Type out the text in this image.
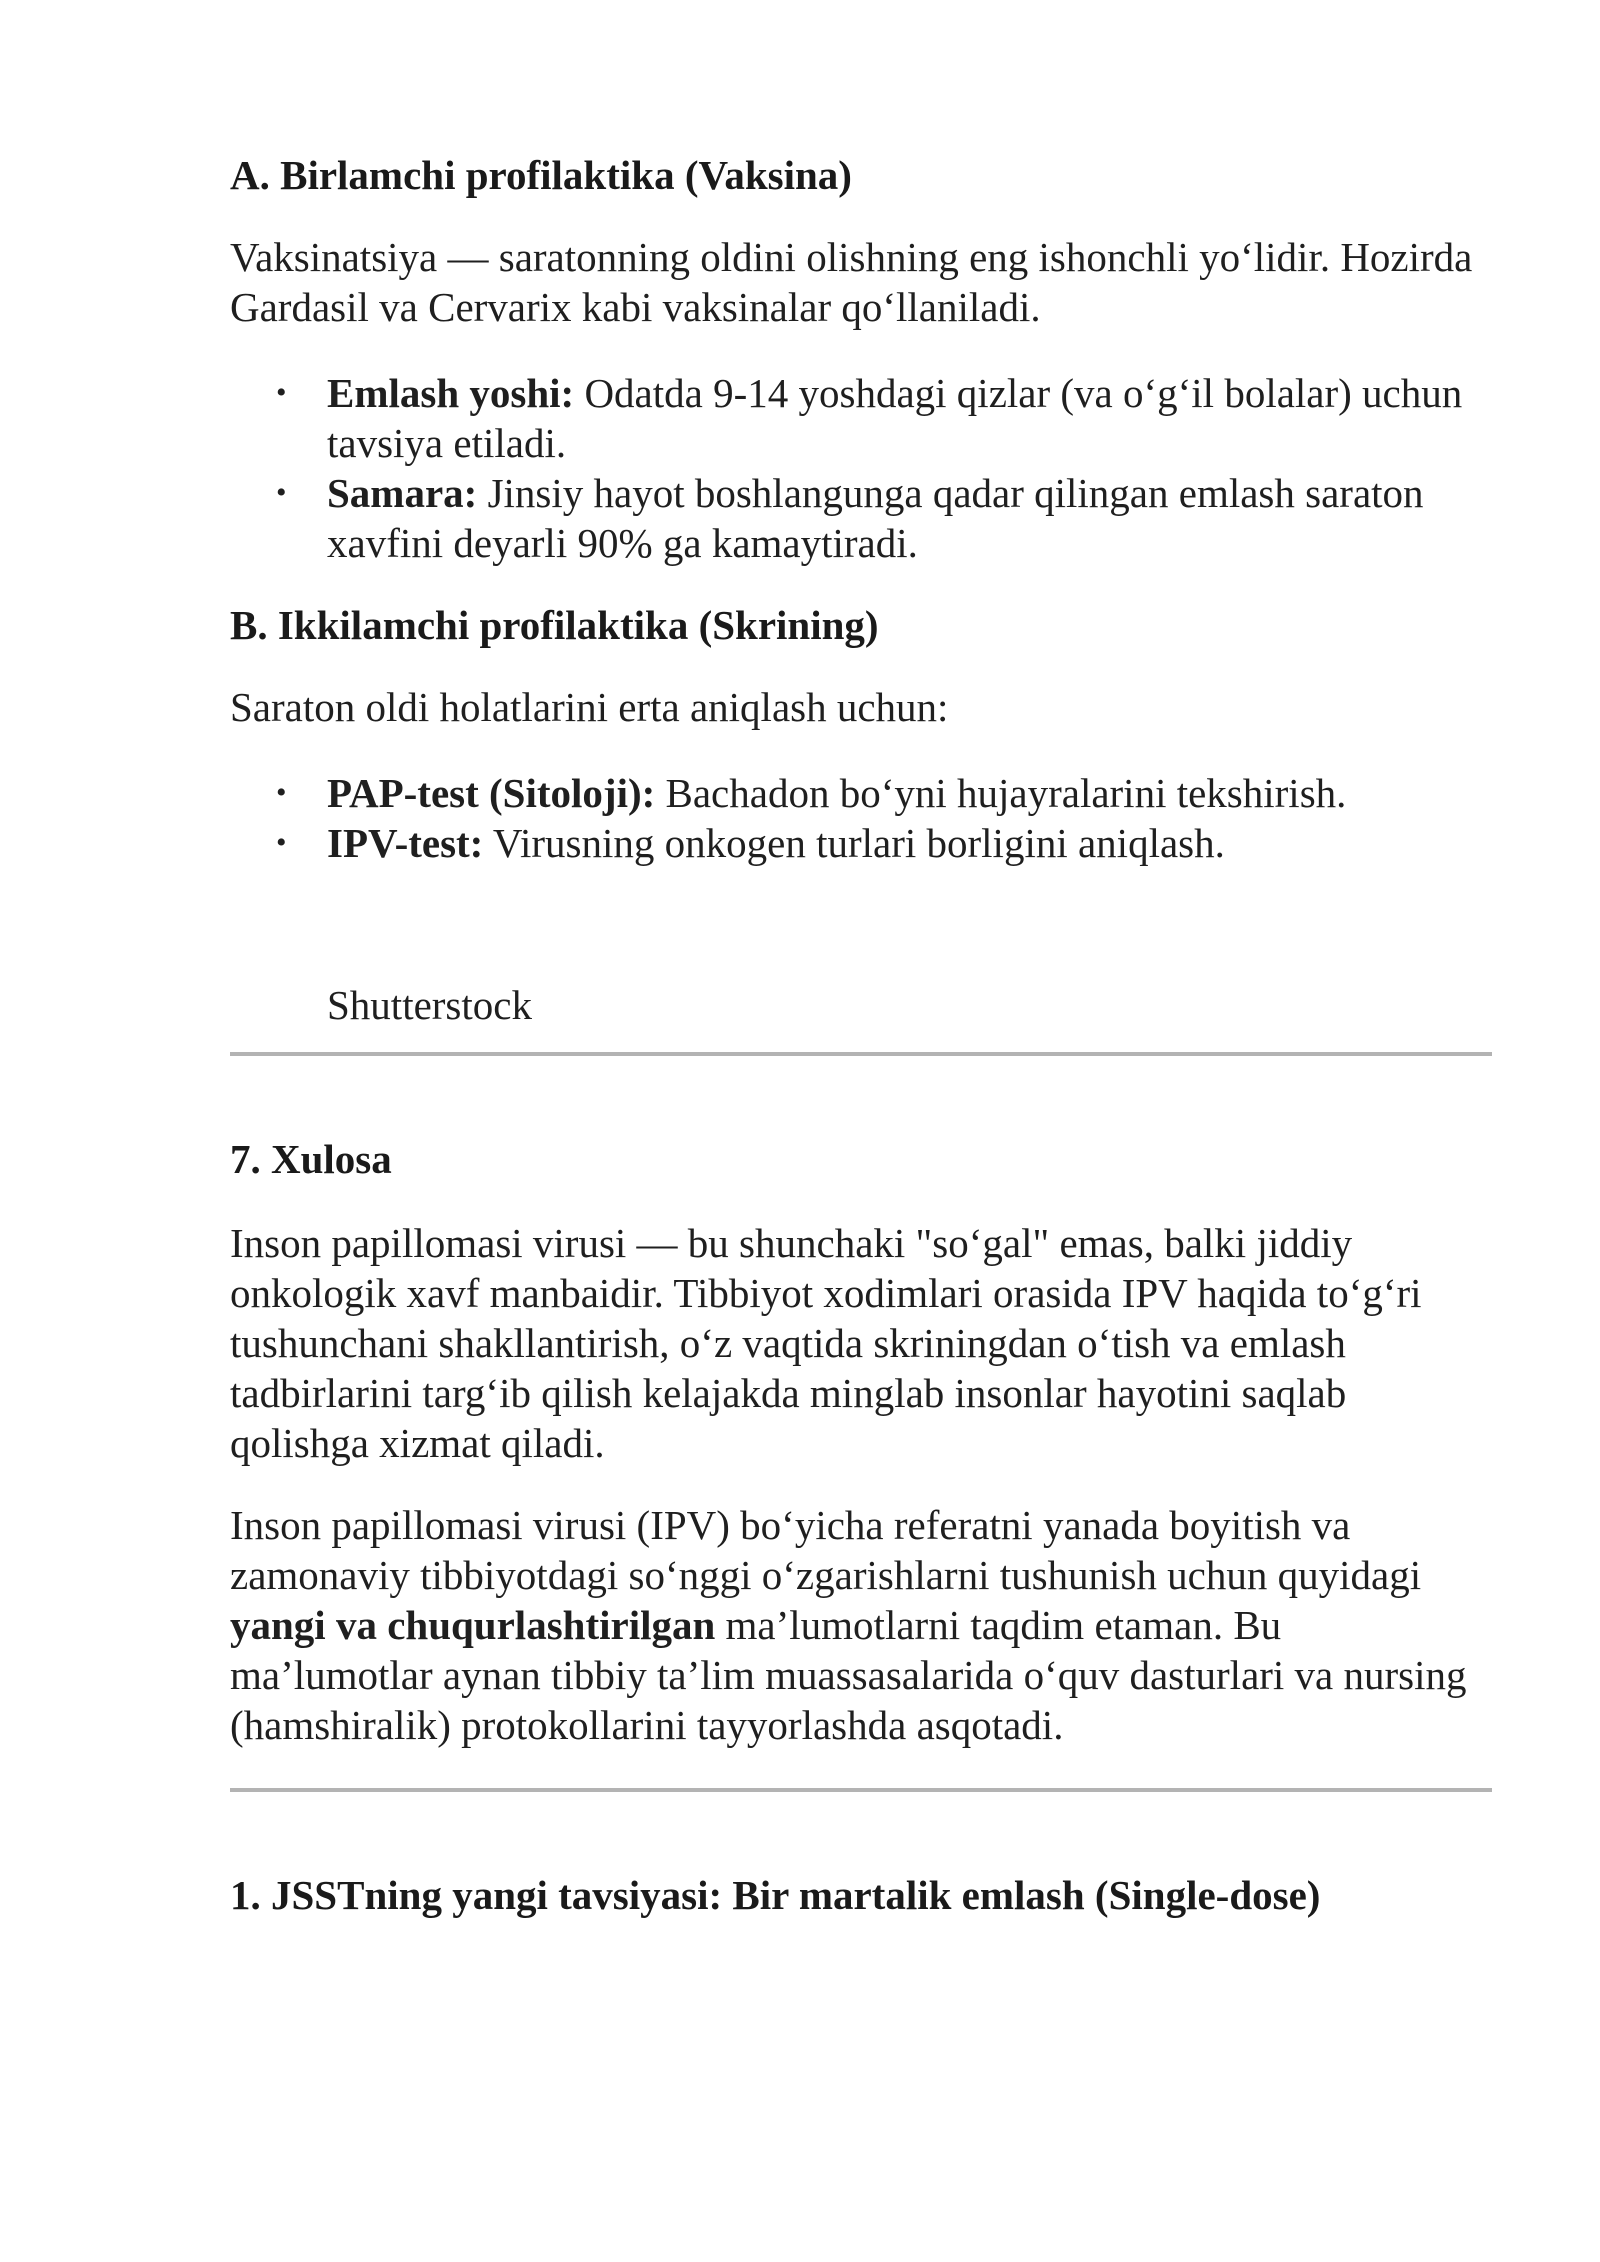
A. Birlamchi profilaktika (Vaksina)

Vaksinatsiya — saratonning oldini olishning eng ishonchli yo‘lidir. Hozirda Gardasil va Cervarix kabi vaksinalar qo‘llaniladi.

• Emlash yoshi: Odatda 9-14 yoshdagi qizlar (va o‘g‘il bolalar) uchun tavsiya etiladi.
• Samara: Jinsiy hayot boshlangunga qadar qilingan emlash saraton xavfini deyarli 90% ga kamaytiradi.
B. Ikkilamchi profilaktika (Skrining)

Saraton oldi holatlarini erta aniqlash uchun:

• PAP-test (Sitoloji): Bachadon bo‘yni hujayralarini tekshirish.
• IPV-test: Virusning onkogen turlari borligini aniqlash.
Shutterstock
7. Xulosa

Inson papillomasi virusi — bu shunchaki "so‘gal" emas, balki jiddiy onkologik xavf manbaidir. Tibbiyot xodimlari orasida IPV haqida to‘g‘ri tushunchani shakllantirish, o‘z vaqtida skriningdan o‘tish va emlash tadbirlarini targ‘ib qilish kelajakda minglab insonlar hayotini saqlab qolishga xizmat qiladi.

Inson papillomasi virusi (IPV) bo‘yicha referatni yanada boyitish va zamonaviy tibbiyotdagi so‘nggi o‘zgarishlarni tushunish uchun quyidagi yangi va chuqurlashtirilgan ma’lumotlarni taqdim etaman. Bu ma’lumotlar aynan tibbiy ta’lim muassasalarida o‘quv dasturlari va nursing (hamshiralik) protokollarini tayyorlashda asqotadi.

1. JSSTning yangi tavsiyasi: Bir martalik emlash (Single-dose)
